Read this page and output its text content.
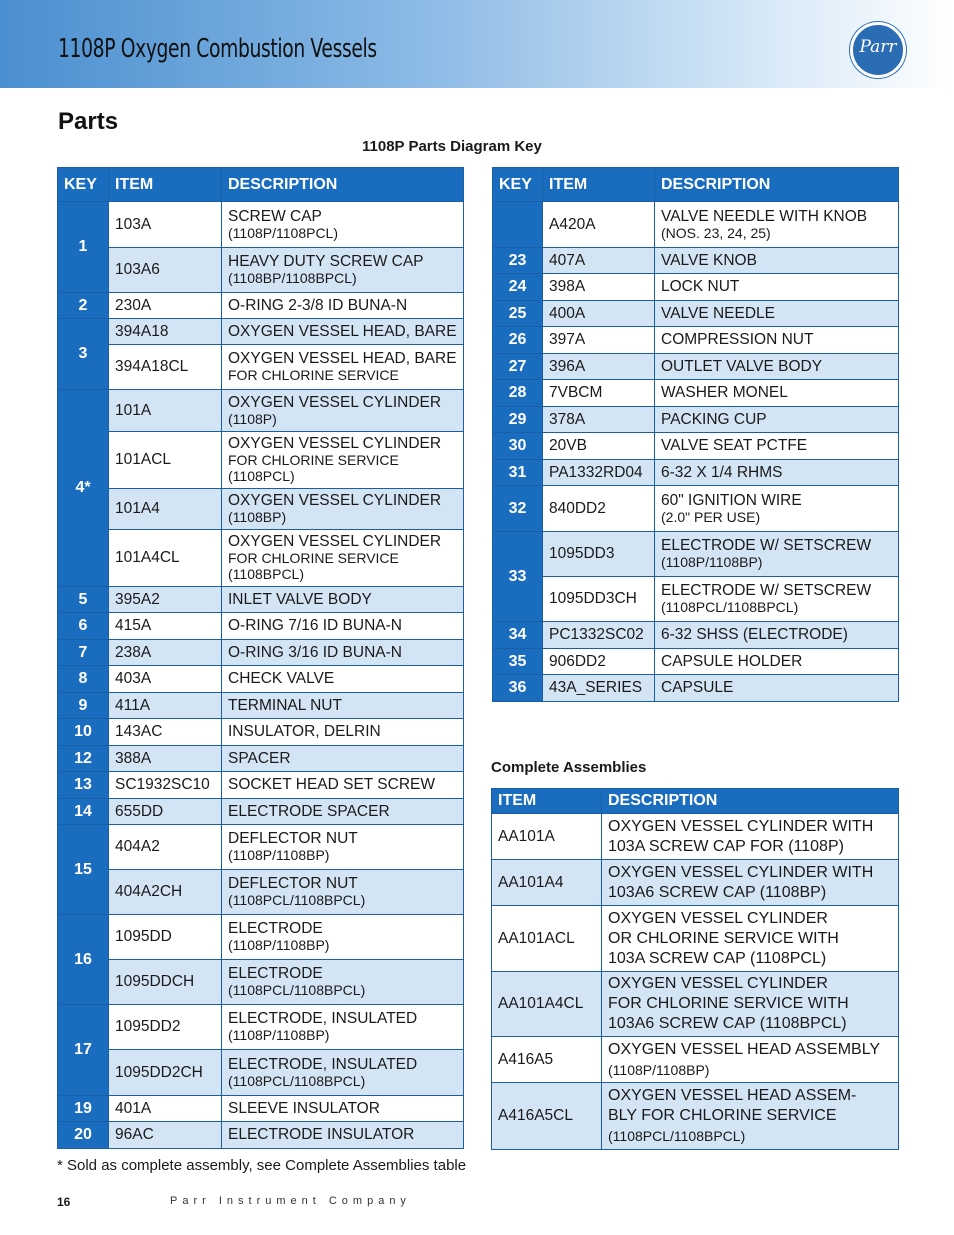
1108P Oxygen Combustion Vessels	Parr
Parts
1108P Parts Diagram Key
KEY	ITEM	DESCRIPTION
1	103A	SCREW CAP
(1108P/1108PCL)

	103A6	HEAVY DUTY SCREW CAP
(1108BP/1108BPCL)

2	230A	O-RING 2-3/8 ID BUNA-N
3	394A18	OXYGEN VESSEL HEAD, BARE
	394A18CL	OXYGEN VESSEL HEAD, BARE
FOR CHLORINE SERVICE

4*	101A	OXYGEN VESSEL CYLINDER
(1108P)

	101ACL	OXYGEN VESSEL CYLINDER
FOR CHLORINE SERVICE
(1108PCL)

	101A4	OXYGEN VESSEL CYLINDER
(1108BP)

	101A4CL	OXYGEN VESSEL CYLINDER
FOR CHLORINE SERVICE
(1108BPCL)

5	395A2	INLET VALVE BODY
6	415A	O-RING 7/16 ID BUNA-N
7	238A	O-RING 3/16 ID BUNA-N
8	403A	CHECK VALVE
9	411A	TERMINAL NUT
10	143AC	INSULATOR, DELRIN
12	388A	SPACER
13	SC1932SC10	SOCKET HEAD SET SCREW
14	655DD	ELECTRODE SPACER
15	404A2	DEFLECTOR NUT
(1108P/1108BP)

	404A2CH	DEFLECTOR NUT
(1108PCL/1108BPCL)

16	1095DD	ELECTRODE
(1108P/1108BP)

	1095DDCH	ELECTRODE
(1108PCL/1108BPCL)

17	1095DD2	ELECTRODE, INSULATED
(1108P/1108BP)

	1095DD2CH	ELECTRODE, INSULATED
(1108PCL/1108BPCL)

19	401A	SLEEVE INSULATOR
20	96AC	ELECTRODE INSULATOR
KEY	ITEM	DESCRIPTION
	A420A	VALVE NEEDLE WITH KNOB
(NOS. 23, 24, 25)

23	407A	VALVE KNOB
24	398A	LOCK NUT
25	400A	VALVE NEEDLE
26	397A	COMPRESSION NUT
27	396A	OUTLET VALVE BODY
28	7VBCM	WASHER MONEL
29	378A	PACKING CUP
30	20VB	VALVE SEAT PCTFE
31	PA1332RD04	6-32 X 1/4 RHMS
32	840DD2	60" IGNITION WIRE
(2.0" PER USE)

33	1095DD3	ELECTRODE W/ SETSCREW
(1108P/1108BP)

	1095DD3CH	ELECTRODE W/ SETSCREW
(1108PCL/1108BPCL)

34	PC1332SC02	6-32 SHSS (ELECTRODE)
35	906DD2	CAPSULE HOLDER
36	43A_SERIES	CAPSULE
Complete Assemblies
ITEM	DESCRIPTION
AA101A	OXYGEN VESSEL CYLINDER WITH
103A SCREW CAP FOR (1108P)

AA101A4	OXYGEN VESSEL CYLINDER WITH
103A6 SCREW CAP (1108BP)

AA101ACL	OXYGEN VESSEL CYLINDER
OR CHLORINE SERVICE WITH
103A SCREW CAP (1108PCL)

AA101A4CL	OXYGEN VESSEL CYLINDER
FOR CHLORINE SERVICE WITH
103A6 SCREW CAP (1108BPCL)

A416A5	OXYGEN VESSEL HEAD ASSEMBLY
(1108P/1108BP)

A416A5CL	OXYGEN VESSEL HEAD ASSEM-
BLY FOR CHLORINE SERVICE
(1108PCL/1108BPCL)
* Sold as complete assembly, see Complete Assemblies table
16	Parr Instrument Company
